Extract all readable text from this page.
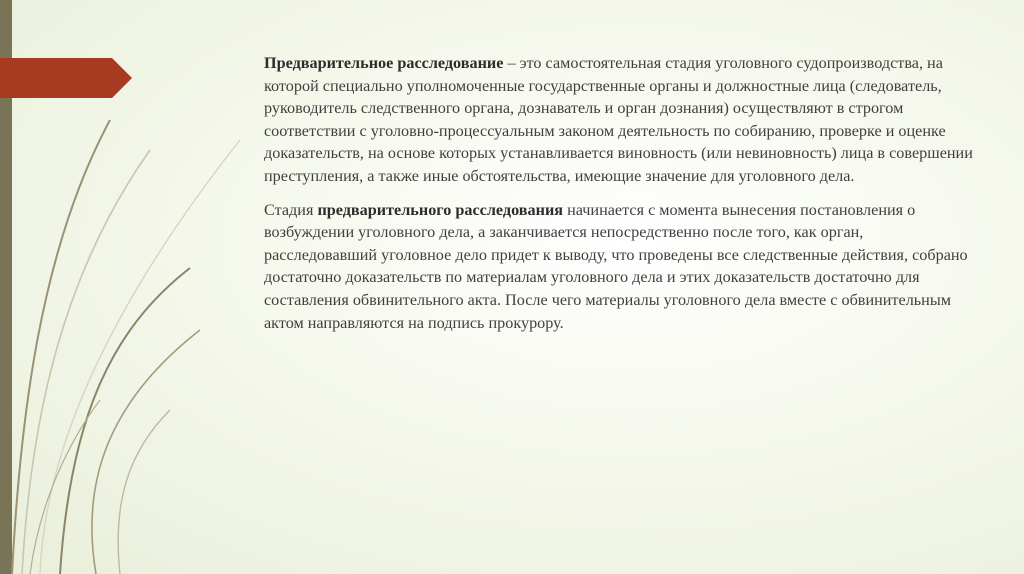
Предварительное расследование – это самостоятельная стадия уголовного судопроизводства, на которой специально уполномоченные государственные органы и должностные лица (следователь, руководитель следственного органа, дознаватель и орган дознания) осуществляют в строгом соответствии с уголовно-процессуальным законом деятельность по собиранию, проверке и оценке доказательств, на основе которых устанавливается виновность (или невиновность) лица в совершении преступления, а также иные обстоятельства, имеющие значение для уголовного дела.

Стадия предварительного расследования начинается с момента вынесения постановления о возбуждении уголовного дела, а заканчивается непосредственно после того, как орган, расследовавший уголовное дело придет к выводу, что проведены все следственные действия, собрано достаточно доказательств по материалам уголовного дела и этих доказательств достаточно для составления обвинительного акта. После чего материалы уголовного дела вместе с обвинительным актом направляются на подпись прокурору.
